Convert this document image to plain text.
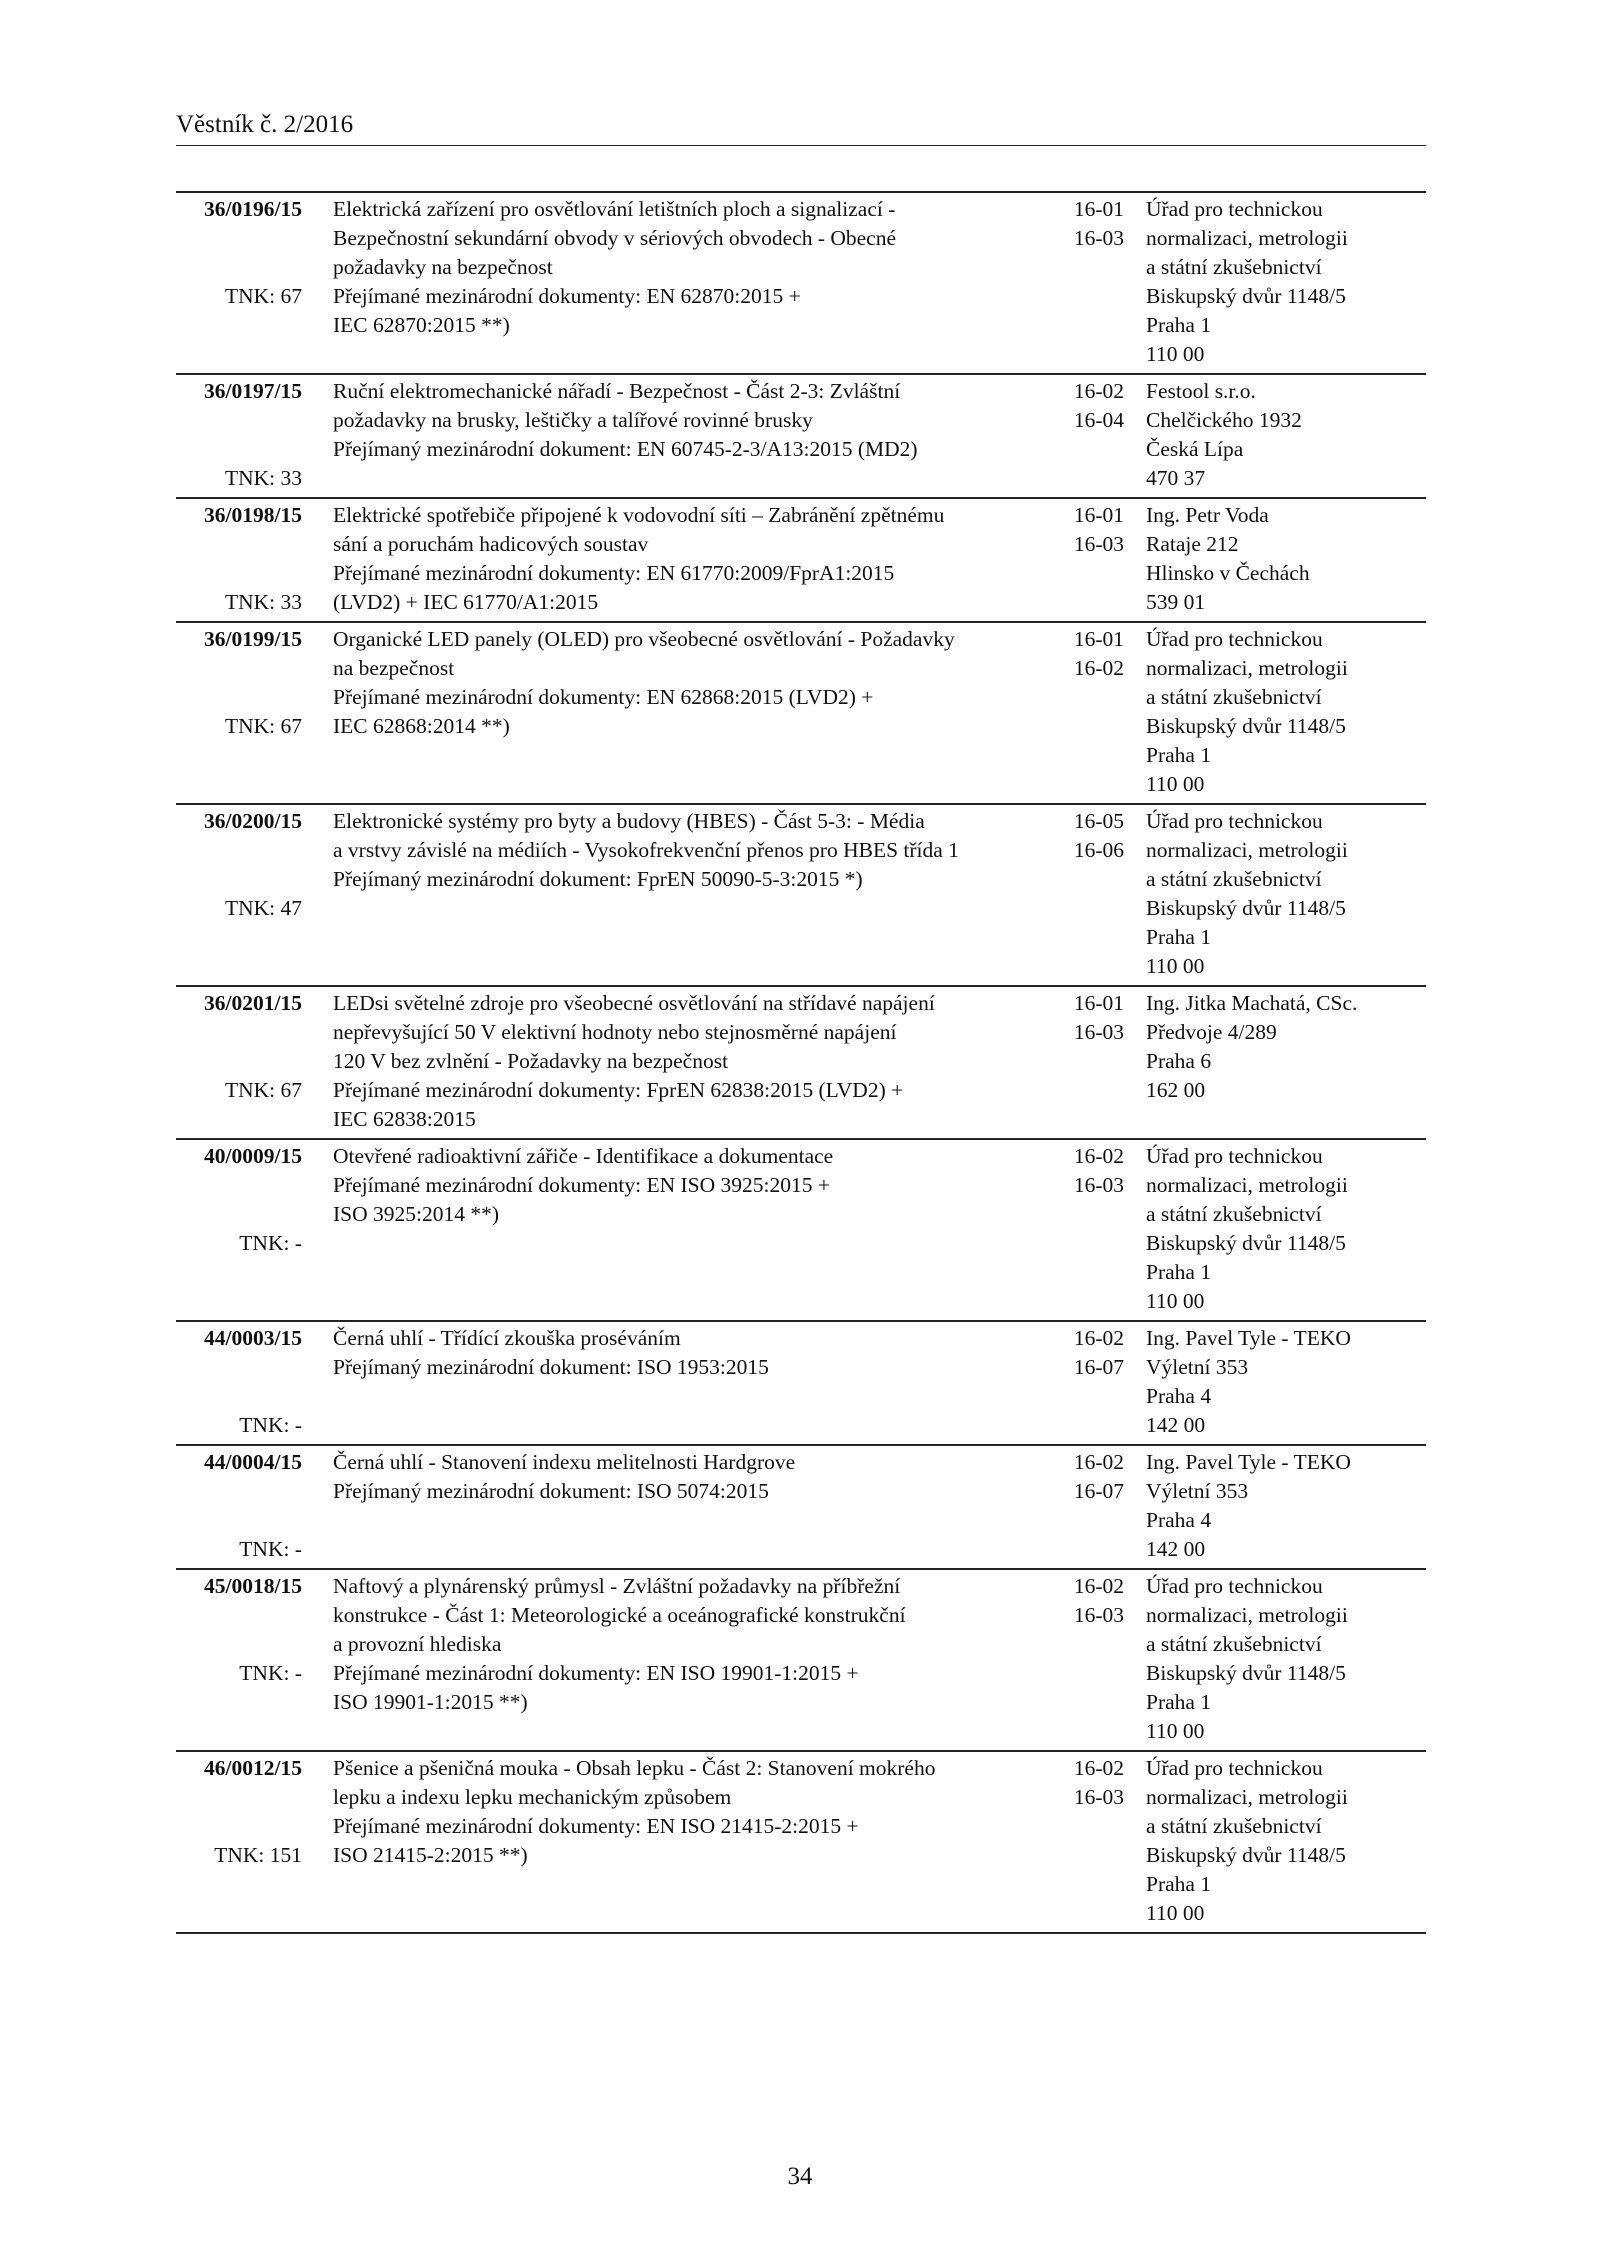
Věstník č. 2/2016
36/0196/15
TNK: 67
Elektrická zařízení pro osvětlování letištních ploch a signalizací -
Bezpečnostní sekundární obvody v sériových obvodech - Obecné
požadavky na bezpečnost
Přejímané mezinárodní dokumenty: EN 62870:2015 +
IEC 62870:2015 **)
16-01
16-03
Úřad pro technickou
normalizaci, metrologii
a státní zkušebnictví
Biskupský dvůr 1148/5
Praha 1
110 00
36/0197/15
TNK: 33
Ruční elektromechanické nářadí - Bezpečnost - Část 2-3: Zvláštní
požadavky na brusky, leštičky a talířové rovinné brusky
Přejímaný mezinárodní dokument: EN 60745-2-3/A13:2015 (MD2)
16-02
16-04
Festool s.r.o.
Chelčického 1932
Česká Lípa
470 37
36/0198/15
TNK: 33
Elektrické spotřebiče připojené k vodovodní síti – Zabránění zpětnému
sání a poruchám hadicových soustav
Přejímané mezinárodní dokumenty: EN 61770:2009/FprA1:2015
(LVD2) + IEC 61770/A1:2015
16-01
16-03
Ing. Petr Voda
Rataje 212
Hlinsko v Čechách
539 01
36/0199/15
TNK: 67
Organické LED panely (OLED) pro všeobecné osvětlování - Požadavky
na bezpečnost
Přejímané mezinárodní dokumenty: EN 62868:2015 (LVD2) +
IEC 62868:2014 **)
16-01
16-02
Úřad pro technickou
normalizaci, metrologii
a státní zkušebnictví
Biskupský dvůr 1148/5
Praha 1
110 00
36/0200/15
TNK: 47
Elektronické systémy pro byty a budovy (HBES) - Část 5-3: - Média
a vrstvy závislé na médiích - Vysokofrekvenční přenos pro HBES třída 1
Přejímaný mezinárodní dokument: FprEN 50090-5-3:2015 *)
16-05
16-06
Úřad pro technickou
normalizaci, metrologii
a státní zkušebnictví
Biskupský dvůr 1148/5
Praha 1
110 00
36/0201/15
TNK: 67
LEDsi světelné zdroje pro všeobecné osvětlování na střídavé napájení
nepřevyšující 50 V elektivní hodnoty nebo stejnosměrné napájení
120 V bez zvlnění - Požadavky na bezpečnost
Přejímané mezinárodní dokumenty: FprEN 62838:2015 (LVD2) +
IEC 62838:2015
16-01
16-03
Ing. Jitka Machatá, CSc.
Předvoje 4/289
Praha 6
162 00
40/0009/15
TNK: -
Otevřené radioaktivní zářiče - Identifikace a dokumentace
Přejímané mezinárodní dokumenty: EN ISO 3925:2015 +
ISO 3925:2014 **)
16-02
16-03
Úřad pro technickou
normalizaci, metrologii
a státní zkušebnictví
Biskupský dvůr 1148/5
Praha 1
110 00
44/0003/15
TNK: -
Černá uhlí - Třídící zkouška proséváním
Přejímaný mezinárodní dokument: ISO 1953:2015
16-02
16-07
Ing. Pavel Tyle - TEKO
Výletní 353
Praha 4
142 00
44/0004/15
TNK: -
Černá uhlí - Stanovení indexu melitelnosti Hardgrove
Přejímaný mezinárodní dokument: ISO 5074:2015
16-02
16-07
Ing. Pavel Tyle - TEKO
Výletní 353
Praha 4
142 00
45/0018/15
TNK: -
Naftový a plynárenský průmysl - Zvláštní požadavky na příbřežní
konstrukce - Část 1: Meteorologické a oceánografické konstrukční
a provozní hlediska
Přejímané mezinárodní dokumenty: EN ISO 19901-1:2015 +
ISO 19901-1:2015 **)
16-02
16-03
Úřad pro technickou
normalizaci, metrologii
a státní zkušebnictví
Biskupský dvůr 1148/5
Praha 1
110 00
46/0012/15
TNK: 151
Pšenice a pšeničná mouka - Obsah lepku - Část 2: Stanovení mokrého
lepku a indexu lepku mechanickým způsobem
Přejímané mezinárodní dokumenty: EN ISO 21415-2:2015 +
ISO 21415-2:2015 **)
16-02
16-03
Úřad pro technickou
normalizaci, metrologii
a státní zkušebnictví
Biskupský dvůr 1148/5
Praha 1
110 00
34
